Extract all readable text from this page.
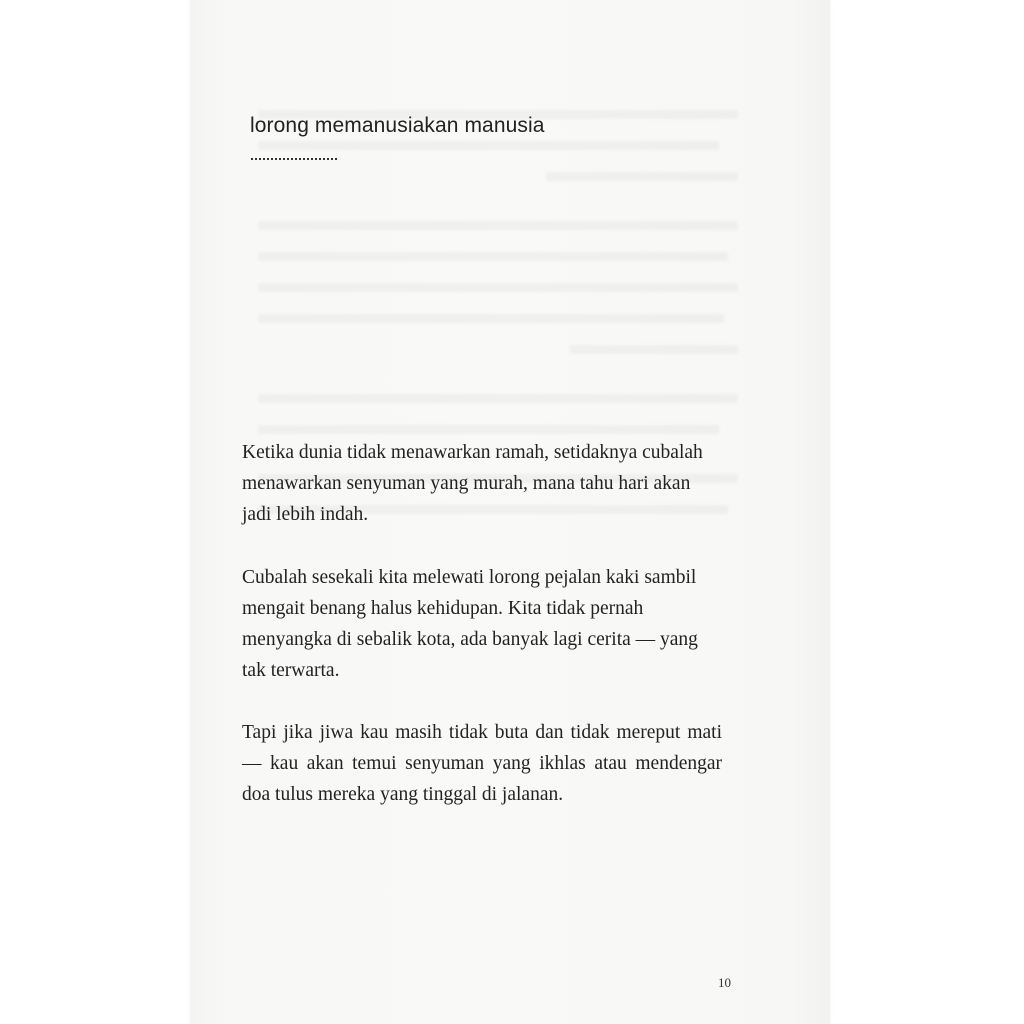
lorong memanusiakan manusia

Ketika dunia tidak menawarkan ramah, setidaknya cubalah menawarkan senyuman yang murah, mana tahu hari akan jadi lebih indah.

Cubalah sesekali kita melewati lorong pejalan kaki sambil mengait benang halus kehidupan. Kita tidak pernah menyangka di sebalik kota, ada banyak lagi cerita — yang tak terwarta.

Tapi jika jiwa kau masih tidak buta dan tidak mereput mati — kau akan temui senyuman yang ikhlas atau mendengar doa tulus mereka yang tinggal di jalanan.

10
